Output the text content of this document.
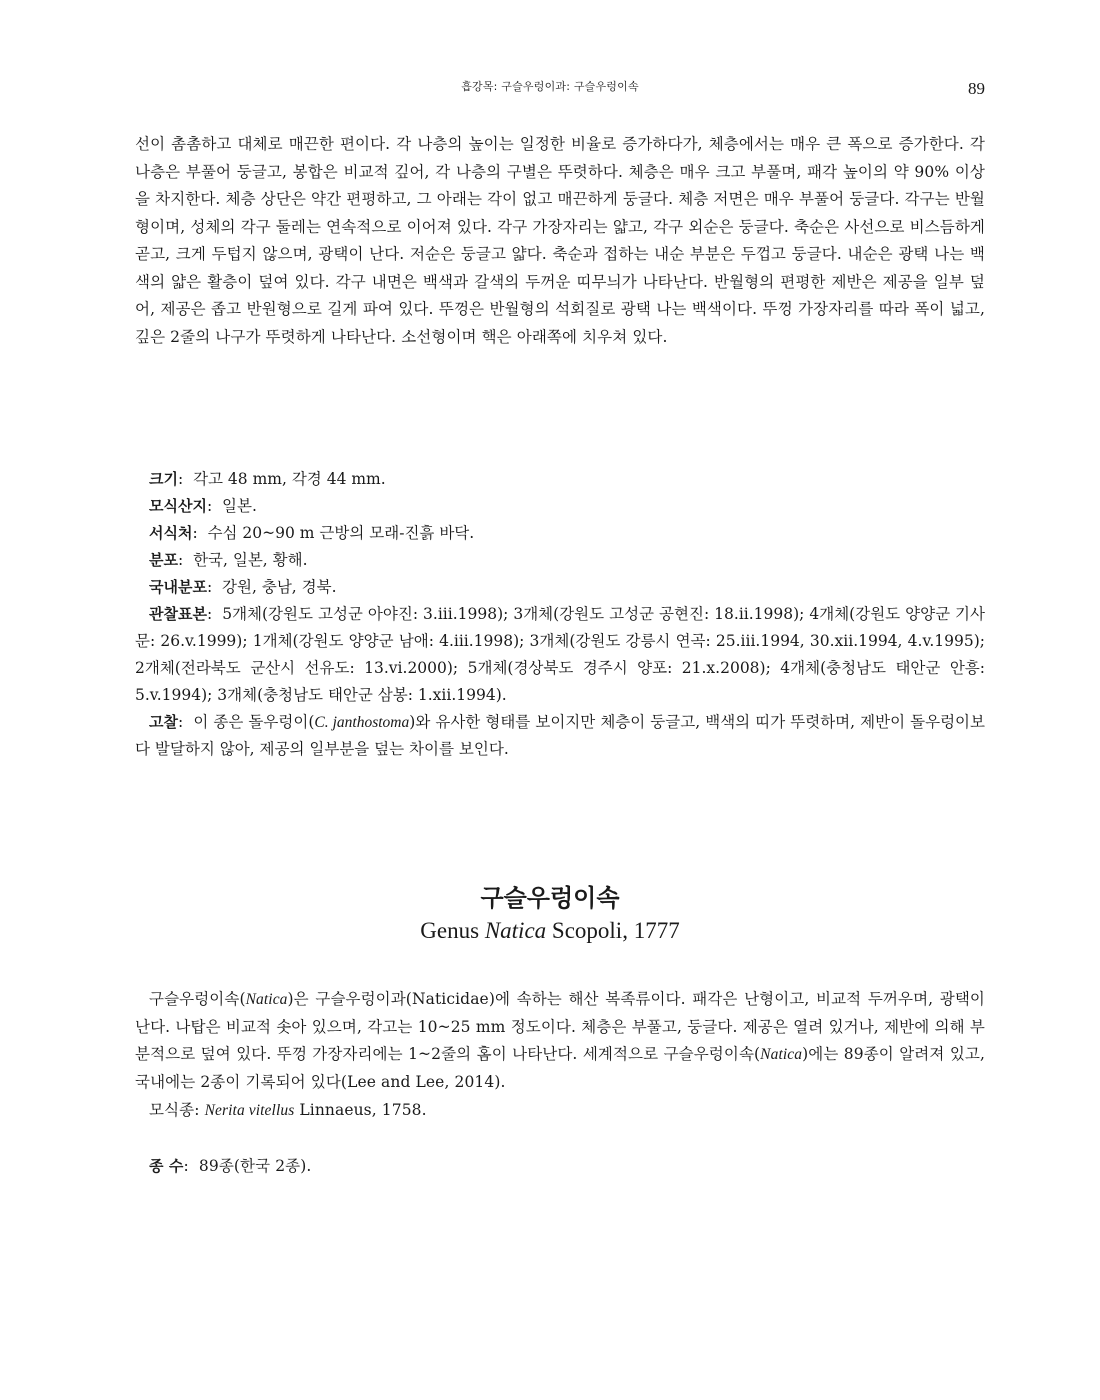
흡강목: 구슬우렁이과: 구슬우렁이속	89

선이 촘촘하고 대체로 매끈한 편이다. 각 나층의 높이는 일정한 비율로 증가하다가, 체층에서는 매우 큰 폭으로 증가한다. 각 나층은 부풀어 둥글고, 봉합은 비교적 깊어, 각 나층의 구별은 뚜렷하다. 체층은 매우 크고 부풀며, 패각 높이의 약 90% 이상을 차지한다. 체층 상단은 약간 편평하고, 그 아래는 각이 없고 매끈하게 둥글다. 체층 저면은 매우 부풀어 둥글다. 각구는 반월형이며, 성체의 각구 둘레는 연속적으로 이어져 있다. 각구 가장자리는 얇고, 각구 외순은 둥글다. 축순은 사선으로 비스듬하게 곧고, 크게 두텁지 않으며, 광택이 난다. 저순은 둥글고 얇다. 축순과 접하는 내순 부분은 두껍고 둥글다. 내순은 광택 나는 백색의 얇은 활층이 덮여 있다. 각구 내면은 백색과 갈색의 두꺼운 띠무늬가 나타난다. 반월형의 편평한 제반은 제공을 일부 덮어, 제공은 좁고 반원형으로 길게 파여 있다. 뚜껑은 반월형의 석회질로 광택 나는 백색이다. 뚜껑 가장자리를 따라 폭이 넓고, 깊은 2줄의 나구가 뚜렷하게 나타난다. 소선형이며 핵은 아래쪽에 치우쳐 있다.

크기:  각고 48 mm, 각경 44 mm.

모식산지:  일본.

서식처:  수심 20~90 m 근방의 모래-진흙 바닥.

분포:  한국, 일본, 황해.

국내분포:  강원, 충남, 경북.

관찰표본:  5개체(강원도 고성군 아야진: 3.iii.1998); 3개체(강원도 고성군 공현진: 18.ii.1998); 4개체(강원도 양양군 기사문: 26.v.1999); 1개체(강원도 양양군 남애: 4.iii.1998); 3개체(강원도 강릉시 연곡: 25.iii.1994, 30.xii.1994, 4.v.1995); 2개체(전라북도 군산시 선유도: 13.vi.2000); 5개체(경상북도 경주시 양포: 21.x.2008); 4개체(충청남도 태안군 안흥: 5.v.1994); 3개체(충청남도 태안군 삼봉: 1.xii.1994).

고찰:  이 종은 돌우렁이(C. janthostoma)와 유사한 형태를 보이지만 체층이 둥글고, 백색의 띠가 뚜렷하며, 제반이 돌우렁이보다 발달하지 않아, 제공의 일부분을 덮는 차이를 보인다.

구슬우렁이속
Genus Natica Scopoli, 1777

구슬우렁이속(Natica)은 구슬우렁이과(Naticidae)에 속하는 해산 복족류이다. 패각은 난형이고, 비교적 두꺼우며, 광택이 난다. 나탑은 비교적 솟아 있으며, 각고는 10~25 mm 정도이다. 체층은 부풀고, 둥글다. 제공은 열려 있거나, 제반에 의해 부분적으로 덮여 있다. 뚜껑 가장자리에는 1~2줄의 홈이 나타난다. 세계적으로 구슬우렁이속(Natica)에는 89종이 알려져 있고, 국내에는 2종이 기록되어 있다(Lee and Lee, 2014).

모식종: Nerita vitellus Linnaeus, 1758.

종 수:  89종(한국 2종).
